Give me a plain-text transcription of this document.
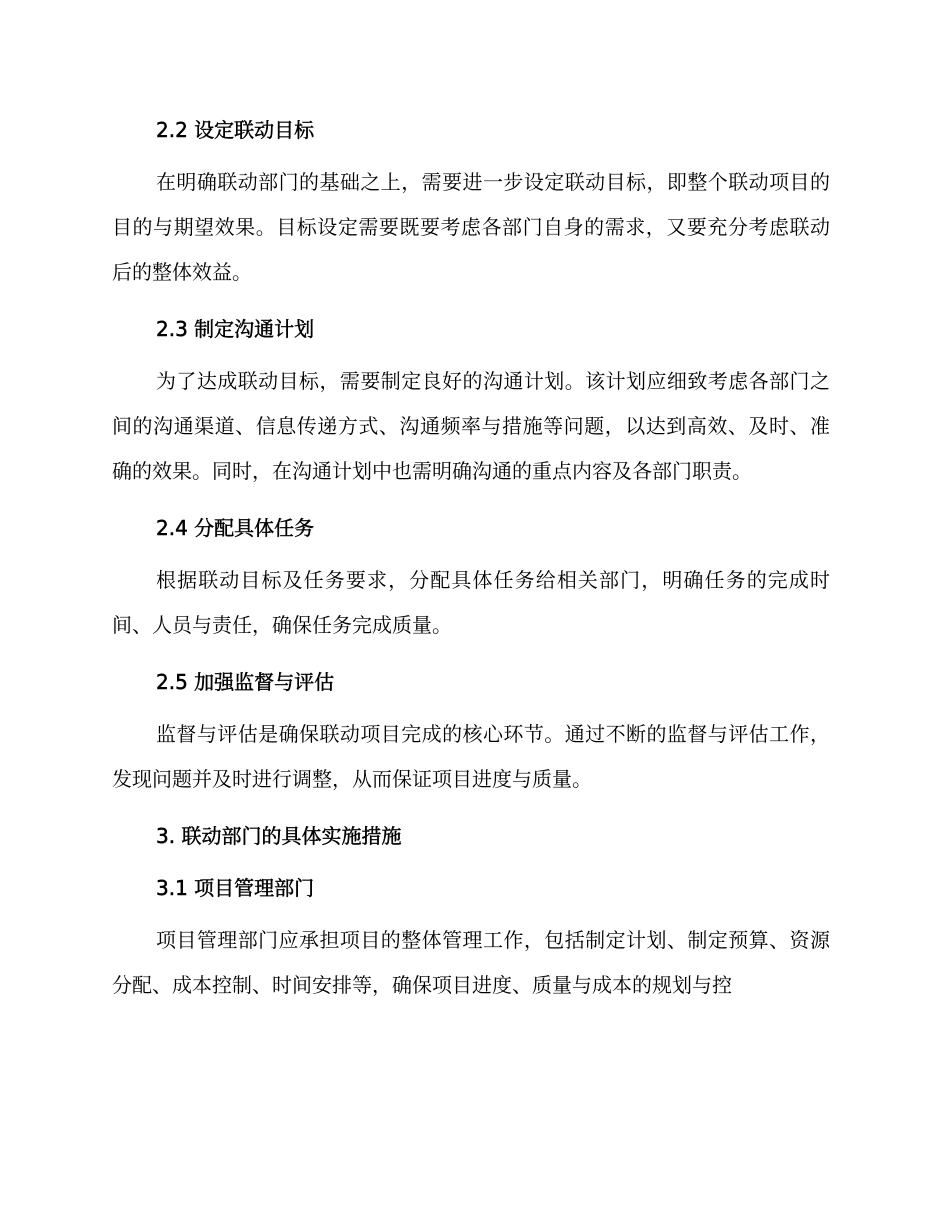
2.2 设定联动目标

在明确联动部门的基础之上，需要进一步设定联动目标，即整个联动项目的目的与期望效果。目标设定需要既要考虑各部门自身的需求，又要充分考虑联动后的整体效益。

2.3 制定沟通计划

为了达成联动目标，需要制定良好的沟通计划。该计划应细致考虑各部门之间的沟通渠道、信息传递方式、沟通频率与措施等问题，以达到高效、及时、准确的效果。同时，在沟通计划中也需明确沟通的重点内容及各部门职责。

2.4 分配具体任务

根据联动目标及任务要求，分配具体任务给相关部门，明确任务的完成时间、人员与责任，确保任务完成质量。

2.5 加强监督与评估

监督与评估是确保联动项目完成的核心环节。通过不断的监督与评估工作，发现问题并及时进行调整，从而保证项目进度与质量。

3. 联动部门的具体实施措施
3.1 项目管理部门

项目管理部门应承担项目的整体管理工作，包括制定计划、制定预算、资源分配、成本控制、时间安排等，确保项目进度、质量与成本的规划与控
